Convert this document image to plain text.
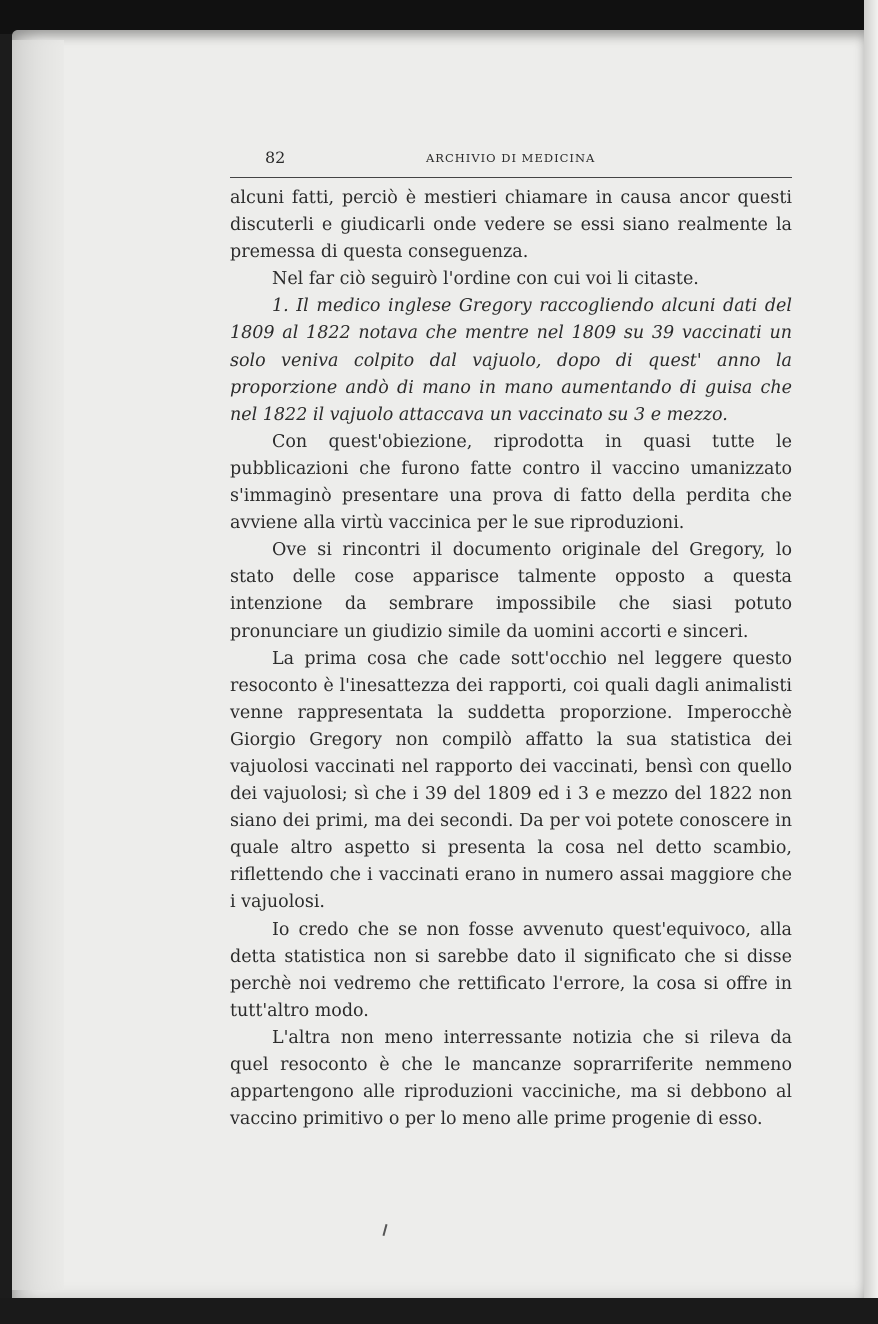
82	ARCHIVIO DI MEDICINA

alcuni fatti, perciò è mestieri chiamare in causa ancor questi discuterli e giudicarli onde vedere se essi siano realmente la premessa di questa conseguenza.

Nel far ciò seguirò l'ordine con cui voi li citaste.

1. Il medico inglese Gregory raccogliendo alcuni dati del 1809 al 1822 notava che mentre nel 1809 su 39 vaccinati un solo veniva colpito dal vajuolo, dopo di quest' anno la proporzione andò di mano in mano aumentando di guisa che nel 1822 il vajuolo attaccava un vaccinato su 3 e mezzo.

Con quest'obiezione, riprodotta in quasi tutte le pubblicazioni che furono fatte contro il vaccino umanizzato s'immaginò presentare una prova di fatto della perdita che avviene alla virtù vaccinica per le sue riproduzioni.

Ove si rincontri il documento originale del Gregory, lo stato delle cose apparisce talmente opposto a questa intenzione da sembrare impossibile che siasi potuto pronunciare un giudizio simile da uomini accorti e sinceri.

La prima cosa che cade sott'occhio nel leggere questo resoconto è l'inesattezza dei rapporti, coi quali dagli animalisti venne rappresentata la suddetta proporzione. Imperocchè Giorgio Gregory non compilò affatto la sua statistica dei vajuolosi vaccinati nel rapporto dei vaccinati, bensì con quello dei vajuolosi; sì che i 39 del 1809 ed i 3 e mezzo del 1822 non siano dei primi, ma dei secondi. Da per voi potete conoscere in quale altro aspetto si presenta la cosa nel detto scambio, riflettendo che i vaccinati erano in numero assai maggiore che i vajuolosi.

Io credo che se non fosse avvenuto quest'equivoco, alla detta statistica non si sarebbe dato il significato che si disse perchè noi vedremo che rettificato l'errore, la cosa si offre in tutt'altro modo.

L'altra non meno interressante notizia che si rileva da quel resoconto è che le mancanze soprarriferite nemmeno appartengono alle riproduzioni vacciniche, ma si debbono al vaccino primitivo o per lo meno alle prime progenie di esso.
